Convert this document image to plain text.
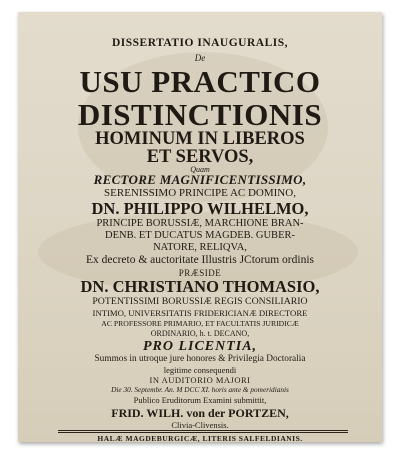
DISSERTATIO INAUGURALIS,
De
USU PRACTICO
DISTINCTIONIS
HOMINUM IN LIBEROS
ET SERVOS,
Quam
RECTORE MAGNIFICENTISSIMO,
SERENISSIMO PRINCIPE AC DOMINO,
DN. PHILIPPO WILHELMO,
PRINCIPE BORUSSIÆ, MARCHIONE BRAN-
DENB. ET DUCATUS MAGDEB. GUBER-
NATORE, RELIQVA,
Ex decreto & auctoritate Illustris JCtorum ordinis
PRÆSIDE
DN. CHRISTIANO THOMASIO,
POTENTISSIMI BORUSSIÆ REGIS CONSILIARIO
INTIMO, UNIVERSITATIS FRIDERICIANÆ DIRECTORE
AC PROFESSORE PRIMARIO, ET FACULTATIS JURIDICÆ
ORDINARIO, h. t. DECANO,
PRO LICENTIA,
Summos in utroque jure honores & Privilegia Doctoralia
legitime consequendi
IN AUDITORIO MAJORI
Die 30. Septembr. An. M DCC XI. horis ante & pomeridianis
Publico Eruditorum Examini submittit,
FRID. WILH. von der PORTZEN,
Clivia-Clivensis.
HALÆ MAGDEBURGICÆ, LITERIS SALFELDIANIS.
